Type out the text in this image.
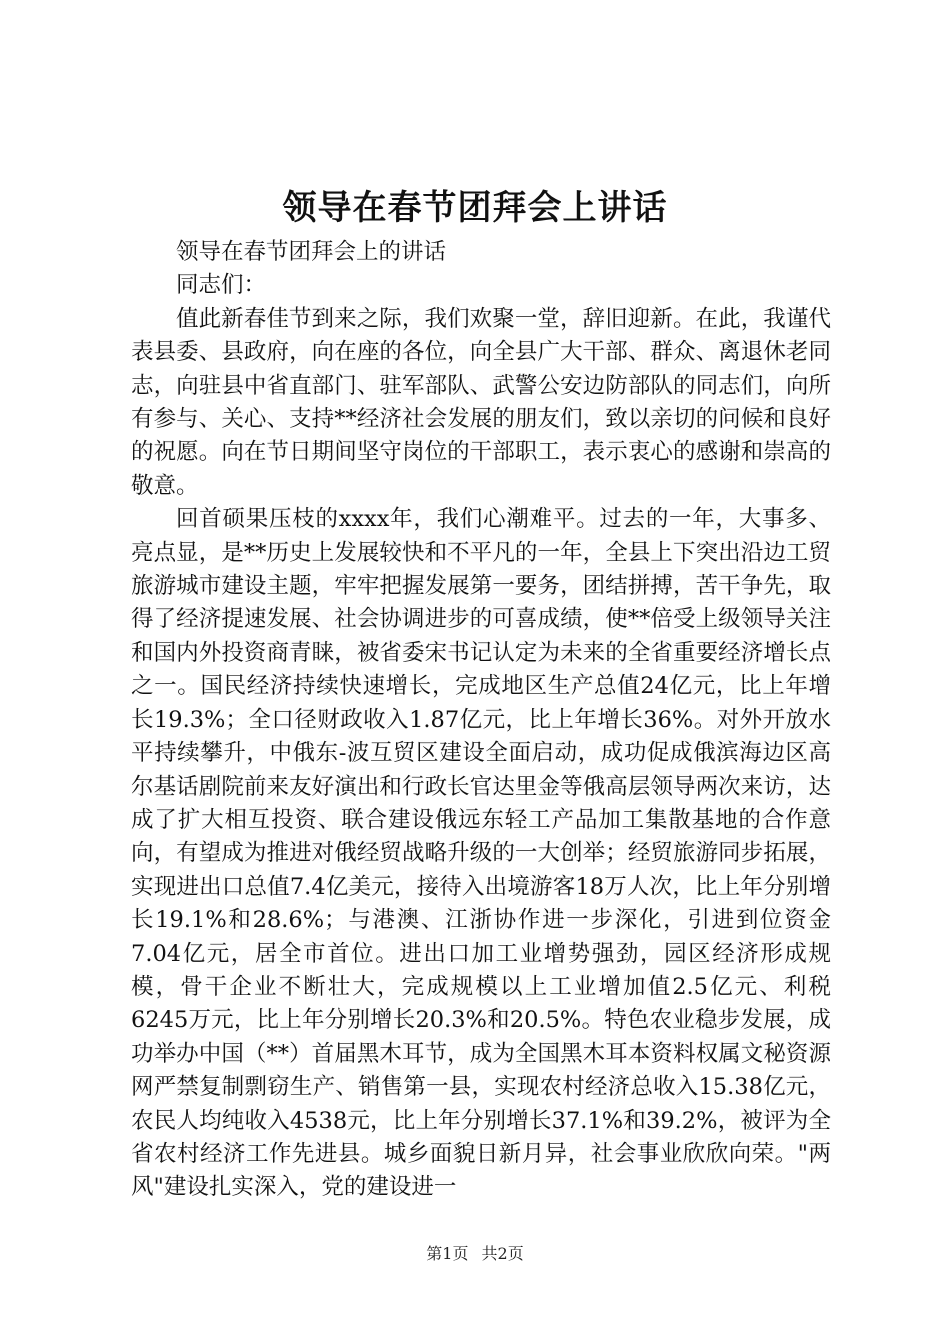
领导在春节团拜会上讲话

领导在春节团拜会上的讲话

同志们：

值此新春佳节到来之际，我们欢聚一堂，辞旧迎新。在此，我谨代表县委、县政府，向在座的各位，向全县广大干部、群众、离退休老同志，向驻县中省直部门、驻军部队、武警公安边防部队的同志们，向所有参与、关心、支持**经济社会发展的朋友们，致以亲切的问候和良好的祝愿。向在节日期间坚守岗位的干部职工，表示衷心的感谢和崇高的敬意。

回首硕果压枝的xxxx年，我们心潮难平。过去的一年，大事多、亮点显，是**历史上发展较快和不平凡的一年，全县上下突出沿边工贸旅游城市建设主题，牢牢把握发展第一要务，团结拼搏，苦干争先，取得了经济提速发展、社会协调进步的可喜成绩，使**倍受上级领导关注和国内外投资商青睐，被省委宋书记认定为未来的全省重要经济增长点之一。国民经济持续快速增长，完成地区生产总值24亿元，比上年增长19.3%；全口径财政收入1.87亿元，比上年增长36%。对外开放水平持续攀升，中俄东-波互贸区建设全面启动，成功促成俄滨海边区高尔基话剧院前来友好演出和行政长官达里金等俄高层领导两次来访，达成了扩大相互投资、联合建设俄远东轻工产品加工集散基地的合作意向，有望成为推进对俄经贸战略升级的一大创举；经贸旅游同步拓展，实现进出口总值7.4亿美元，接待入出境游客18万人次，比上年分别增长19.1%和28.6%；与港澳、江浙协作进一步深化，引进到位资金7.04亿元，居全市首位。进出口加工业增势强劲，园区经济形成规模，骨干企业不断壮大，完成规模以上工业增加值2.5亿元、利税6245万元，比上年分别增长20.3%和20.5%。特色农业稳步发展，成功举办中国（**）首届黑木耳节，成为全国黑木耳本资料权属文秘资源网严禁复制剽窃生产、销售第一县，实现农村经济总收入15.38亿元，农民人均纯收入4538元，比上年分别增长37.1%和39.2%，被评为全省农村经济工作先进县。城乡面貌日新月异，社会事业欣欣向荣。"两风"建设扎实深入，党的建设进一

第1页 共2页
